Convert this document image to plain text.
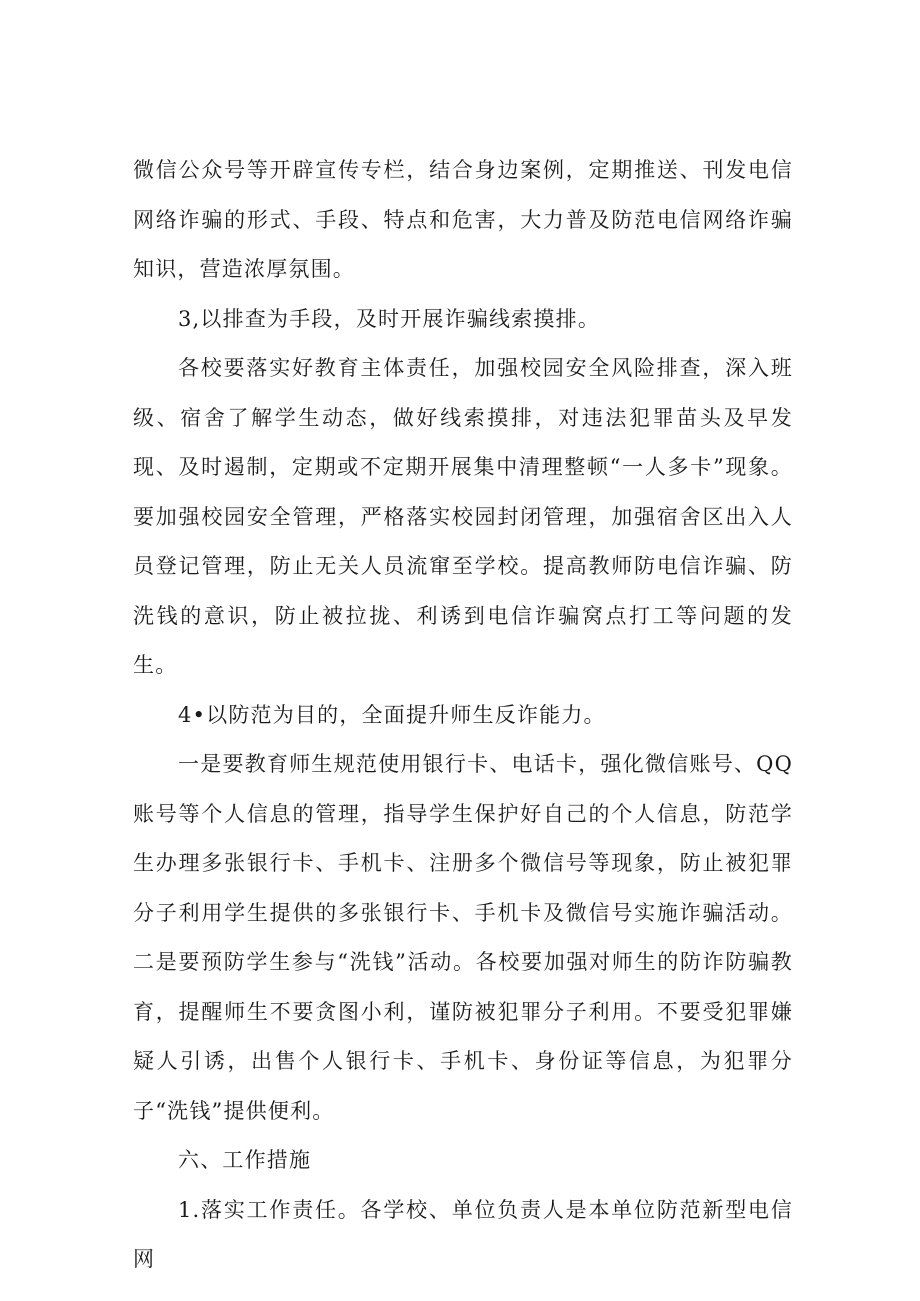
微信公众号等开辟宣传专栏，结合身边案例，定期推送、刊发电信网络诈骗的形式、手段、特点和危害，大力普及防范电信网络诈骗知识，营造浓厚氛围。

3,以排查为手段，及时开展诈骗线索摸排。

各校要落实好教育主体责任，加强校园安全风险排查，深入班级、宿舍了解学生动态，做好线索摸排，对违法犯罪苗头及早发现、及时遏制，定期或不定期开展集中清理整顿“一人多卡”现象。要加强校园安全管理，严格落实校园封闭管理，加强宿舍区出入人员登记管理，防止无关人员流窜至学校。提高教师防电信诈骗、防洗钱的意识，防止被拉拢、利诱到电信诈骗窝点打工等问题的发生。

4•以防范为目的，全面提升师生反诈能力。

一是要教育师生规范使用银行卡、电话卡，强化微信账号、QQ账号等个人信息的管理，指导学生保护好自己的个人信息，防范学生办理多张银行卡、手机卡、注册多个微信号等现象，防止被犯罪分子利用学生提供的多张银行卡、手机卡及微信号实施诈骗活动。二是要预防学生参与“洗钱”活动。各校要加强对师生的防诈防骗教育，提醒师生不要贪图小利，谨防被犯罪分子利用。不要受犯罪嫌疑人引诱，出售个人银行卡、手机卡、身份证等信息，为犯罪分子“洗钱”提供便利。

六、工作措施

1.落实工作责任。各学校、单位负责人是本单位防范新型电信网
